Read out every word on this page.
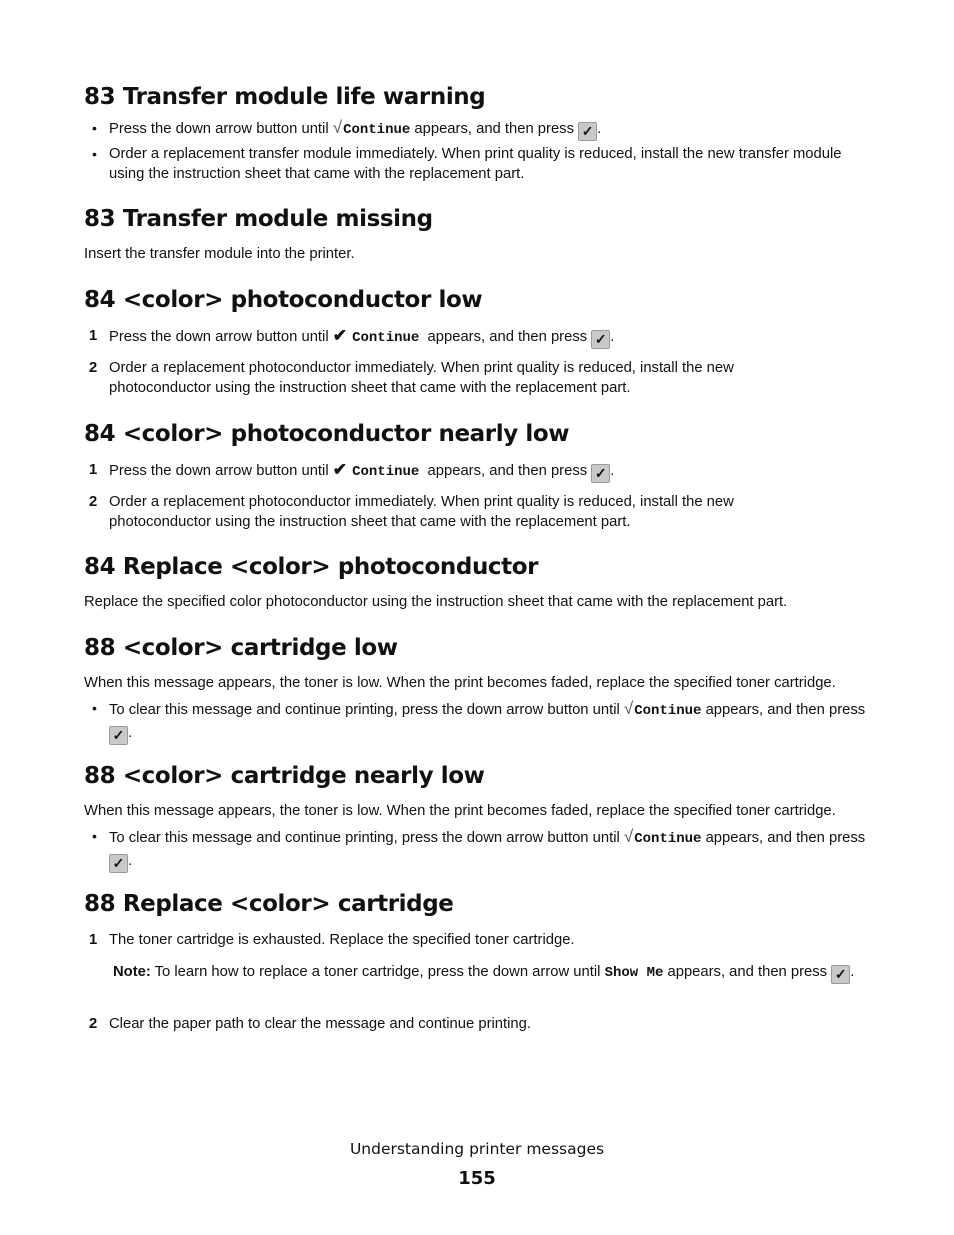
83 Transfer module life warning
• Press the down arrow button until √Continue appears, and then press ✓ .
• Order a replacement transfer module immediately. When print quality is reduced, install the new transfer module using the instruction sheet that came with the replacement part.
83 Transfer module missing

Insert the transfer module into the printer.

84 <color> photoconductor low
1 Press the down arrow button until ✔ Continue  appears, and then press ✓ .
2 Order a replacement photoconductor immediately. When print quality is reduced, install the new photoconductor using the instruction sheet that came with the replacement part.
84 <color> photoconductor nearly low
1 Press the down arrow button until ✔ Continue  appears, and then press ✓ .
2 Order a replacement photoconductor immediately. When print quality is reduced, install the new photoconductor using the instruction sheet that came with the replacement part.
84 Replace <color> photoconductor

Replace the specified color photoconductor using the instruction sheet that came with the replacement part.

88 <color> cartridge low

When this message appears, the toner is low. When the print becomes faded, replace the specified toner cartridge.

• To clear this message and continue printing, press the down arrow button until √Continue appears, and then press ✓ .
88 <color> cartridge nearly low

When this message appears, the toner is low. When the print becomes faded, replace the specified toner cartridge.

• To clear this message and continue printing, press the down arrow button until √Continue appears, and then press ✓ .
88 Replace <color> cartridge
1 The toner cartridge is exhausted. Replace the specified toner cartridge.
Note: To learn how to replace a toner cartridge, press the down arrow until Show Me appears, and then press ✓ .
2 Clear the paper path to clear the message and continue printing.
Understanding printer messages
155
